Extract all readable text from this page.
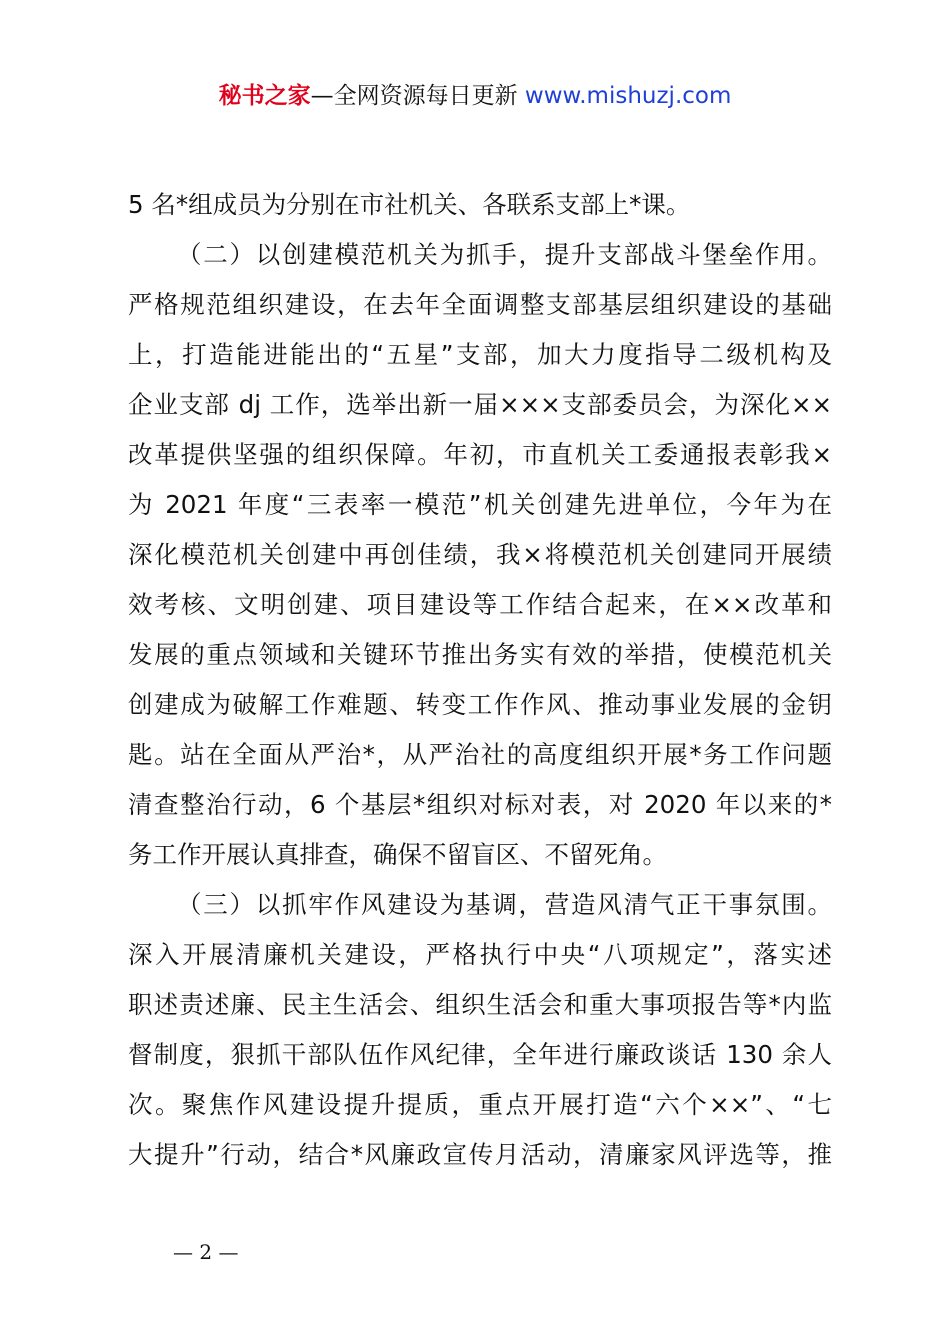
秘书之家—全网资源每日更新 www.mishuzj.com
5 名*组成员为分别在市社机关、各联系支部上*课。
（二）以创建模范机关为抓手，提升支部战斗堡垒作用。
严格规范组织建设，在去年全面调整支部基层组织建设的基础
上，打造能进能出的“五星”支部，加大力度指导二级机构及
企业支部 dj 工作，选举出新一届×××支部委员会，为深化××
改革提供坚强的组织保障。年初，市直机关工委通报表彰我×
为 2021 年度“三表率一模范”机关创建先进单位，今年为在
深化模范机关创建中再创佳绩，我×将模范机关创建同开展绩
效考核、文明创建、项目建设等工作结合起来，在××改革和
发展的重点领域和关键环节推出务实有效的举措，使模范机关
创建成为破解工作难题、转变工作作风、推动事业发展的金钥
匙。站在全面从严治*，从严治社的高度组织开展*务工作问题
清查整治行动，6 个基层*组织对标对表，对 2020 年以来的*
务工作开展认真排查，确保不留盲区、不留死角。
（三）以抓牢作风建设为基调，营造风清气正干事氛围。
深入开展清廉机关建设，严格执行中央“八项规定”，落实述
职述责述廉、民主生活会、组织生活会和重大事项报告等*内监
督制度，狠抓干部队伍作风纪律，全年进行廉政谈话 130 余人
次。聚焦作风建设提升提质，重点开展打造“六个××”、“七
大提升”行动，结合*风廉政宣传月活动，清廉家风评选等，推
— 2 —
